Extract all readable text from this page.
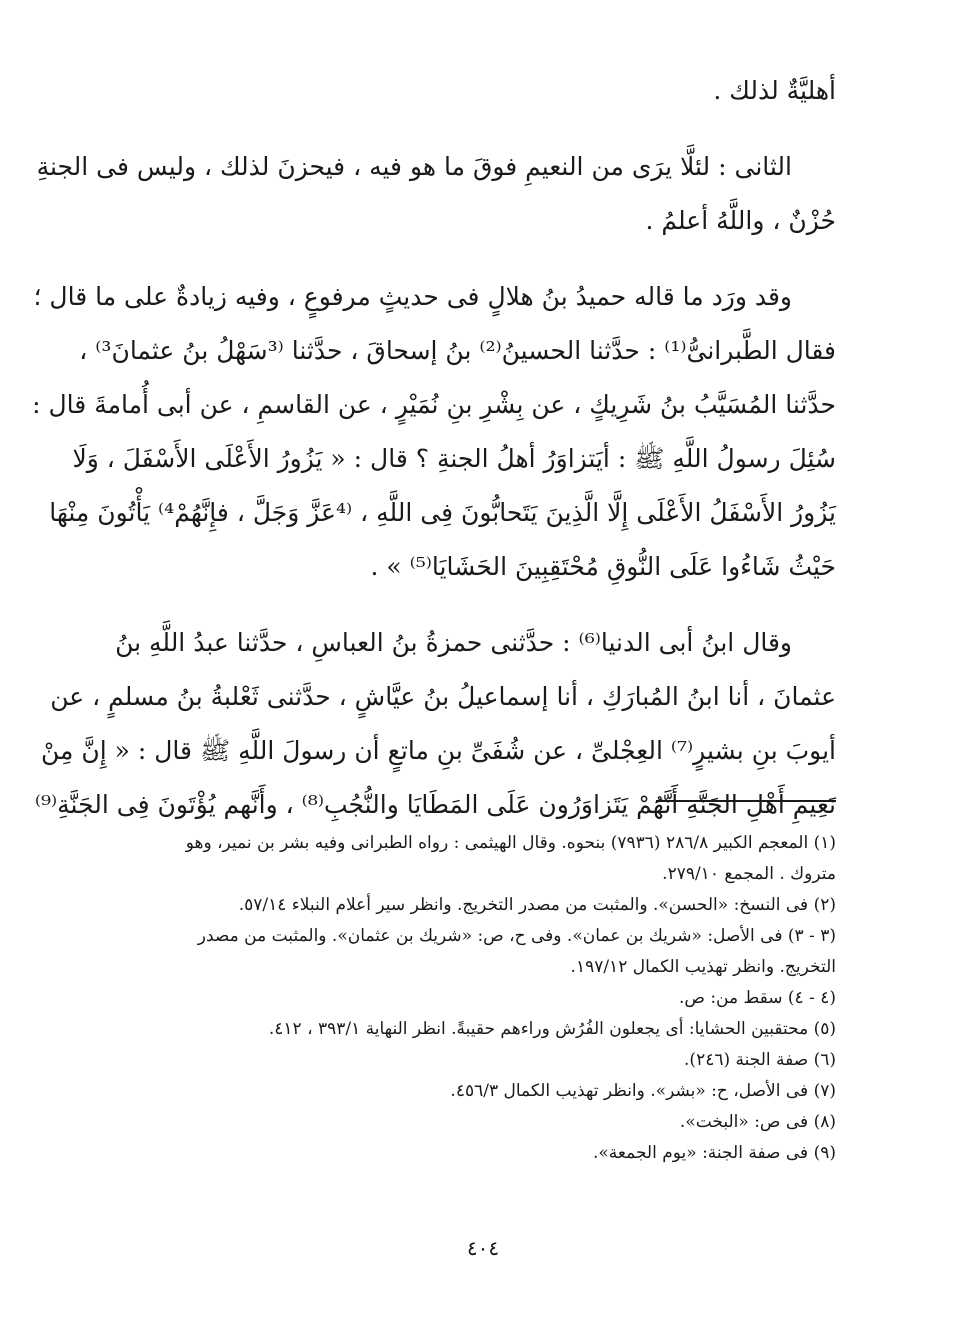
أهليَّةٌ لذلك .
الثانى : لئلَّا يرَى من النعيمِ فوقَ ما هو فيه ، فيحزنَ لذلك ، وليس فى الجنةِ
حُزْنٌ ، واللَّهُ أعلمُ .
وقد ورَد ما قاله حميدُ بنُ هلالٍ فى حديثٍ مرفوعٍ ، وفيه زيادةٌ على ما قال ؛
فقال الطَّبرانىُّ⁽¹⁾ : حدَّثنا الحسينُ⁽²⁾ بنُ إسحاقَ ، حدَّثنا ⁽³سَهْلُ بنُ عثمانَ³⁾ ،
حدَّثنا المُسَيَّبُ بنُ شَرِيكٍ ، عن بِشْرِ بنِ نُمَيْرٍ ، عن القاسمِ ، عن أبى أُمامةَ قال :
سُئِلَ رسولُ اللَّهِ ﷺ : أيَتزاوَرُ أهلُ الجنةِ ؟ قال : « يَزُورُ الأَعْلَى الأَسْفَلَ ، وَلَا
يَزُورُ الأَسْفَلُ الأَعْلَى إِلَّا الَّذِينَ يَتَحابُّونَ فِى اللَّهِ ، ⁽⁴عَزَّ وَجَلَّ ، فإِنَّهُمْ⁴⁾ يَأْتُونَ مِنْهَا
حَيْثُ شَاءُوا عَلَى النُّوقِ مُحْتَقِبِينَ الحَشَايَا⁽⁵⁾ » .
وقال ابنُ أبى الدنيا⁽⁶⁾ : حدَّثنى حمزةُ بنُ العباسِ ، حدَّثنا عبدُ اللَّهِ بنُ
عثمانَ ، أنا ابنُ المُبارَكِ ، أنا إسماعيلُ بنُ عيَّاشٍ ، حدَّثنى ثَعْلبةُ بنُ مسلمٍ ، عن
أيوبَ بنِ بشيرٍ⁽⁷⁾ العِجْلىِّ ، عن شُفَىِّ بنِ ماتعٍ أن رسولَ اللَّهِ ﷺ قال : « إِنَّ مِنْ
نَعِيمِ أَهْلِ الجَنَّةِ أَنَّهُمْ يَتَزاوَرُون عَلَى المَطَايَا والنُّجُبِ⁽⁸⁾ ، وأَنَّهم يُؤْتَونَ فِى الجَنَّةِ⁽⁹⁾
(١) المعجم الكبير ٢٨٦/٨ (٧٩٣٦) بنحوه. وقال الهيثمى : رواه الطبرانى وفيه بشر بن نمير، وهو
متروك . المجمع ٢٧٩/١٠.
(٢) فى النسخ: «الحسن». والمثبت من مصدر التخريج. وانظر سير أعلام النبلاء ٥٧/١٤.
(٣ - ٣) فى الأصل: «شريك بن عمان». وفى ح، ص: «شريك بن عثمان». والمثبت من مصدر
التخريج. وانظر تهذيب الكمال ١٩٧/١٢.
(٤ - ٤) سقط من: ص.
(٥) محتقبين الحشايا: أى يجعلون الفُرُش وراءهم حقيبةً. انظر النهاية ٣٩٣/١ ، ٤١٢.
(٦) صفة الجنة (٢٤٦).
(٧) فى الأصل، ح: «بشر». وانظر تهذيب الكمال ٤٥٦/٣.
(٨) فى ص: «البخت».
(٩) فى صفة الجنة: «يوم الجمعة».
٤٠٤
